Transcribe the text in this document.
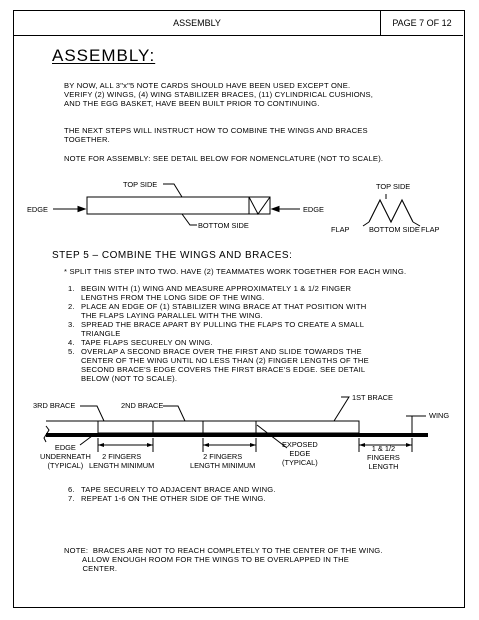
ASSEMBLY	PAGE 7 OF 12
ASSEMBLY:
BY NOW, ALL 3"x"5 NOTE CARDS SHOULD HAVE BEEN USED EXCEPT ONE.
VERIFY (2) WINGS, (4) WING STABILIZER BRACES, (11) CYLINDRICAL CUSHIONS,
AND THE EGG BASKET, HAVE BEEN BUILT PRIOR TO CONTINUING.
THE NEXT STEPS WILL INSTRUCT HOW TO COMBINE THE WINGS AND BRACES
TOGETHER.
NOTE FOR ASSEMBLY: SEE DETAIL BELOW FOR NOMENCLATURE (NOT TO SCALE).
TOP SIDE
EDGE	EDGE
BOTTOM SIDE
TOP SIDE
FLAP	BOTTOM SIDE FLAP
STEP 5 – COMBINE THE WINGS AND BRACES:
* SPLIT THIS STEP INTO TWO. HAVE (2) TEAMMATES WORK TOGETHER FOR EACH WING.
1. BEGIN WITH (1) WING AND MEASURE APPROXIMATELY 1 & 1/2 FINGER
LENGTHS FROM THE LONG SIDE OF THE WING.
2. PLACE AN EDGE OF (1) STABILIZER WING BRACE AT THAT POSITION WITH
THE FLAPS LAYING PARALLEL WITH THE WING.
3. SPREAD THE BRACE APART BY PULLING THE FLAPS TO CREATE A SMALL
TRIANGLE
4. TAPE FLAPS SECURELY ON WING.
5. OVERLAP A SECOND BRACE OVER THE FIRST AND SLIDE TOWARDS THE
CENTER OF THE WING UNTIL NO LESS THAN (2) FINGER LENGTHS OF THE
SECOND BRACE'S EDGE COVERS THE FIRST BRACE'S EDGE. SEE DETAIL
BELOW (NOT TO SCALE).
3RD BRACE	2ND BRACE
1ST BRACE
WING
EDGE
UNDERNEATH
(TYPICAL)
2 FINGERS
LENGTH MINIMUM
2 FINGERS
LENGTH MINIMUM
EXPOSED
EDGE
(TYPICAL)
1 & 1/2
FINGERS
LENGTH
6. TAPE SECURELY TO ADJACENT BRACE AND WING.
7. REPEAT 1-6 ON THE OTHER SIDE OF THE WING.
NOTE:  BRACES ARE NOT TO REACH COMPLETELY TO THE CENTER OF THE WING.
ALLOW ENOUGH ROOM FOR THE WINGS TO BE OVERLAPPED IN THE
CENTER.
